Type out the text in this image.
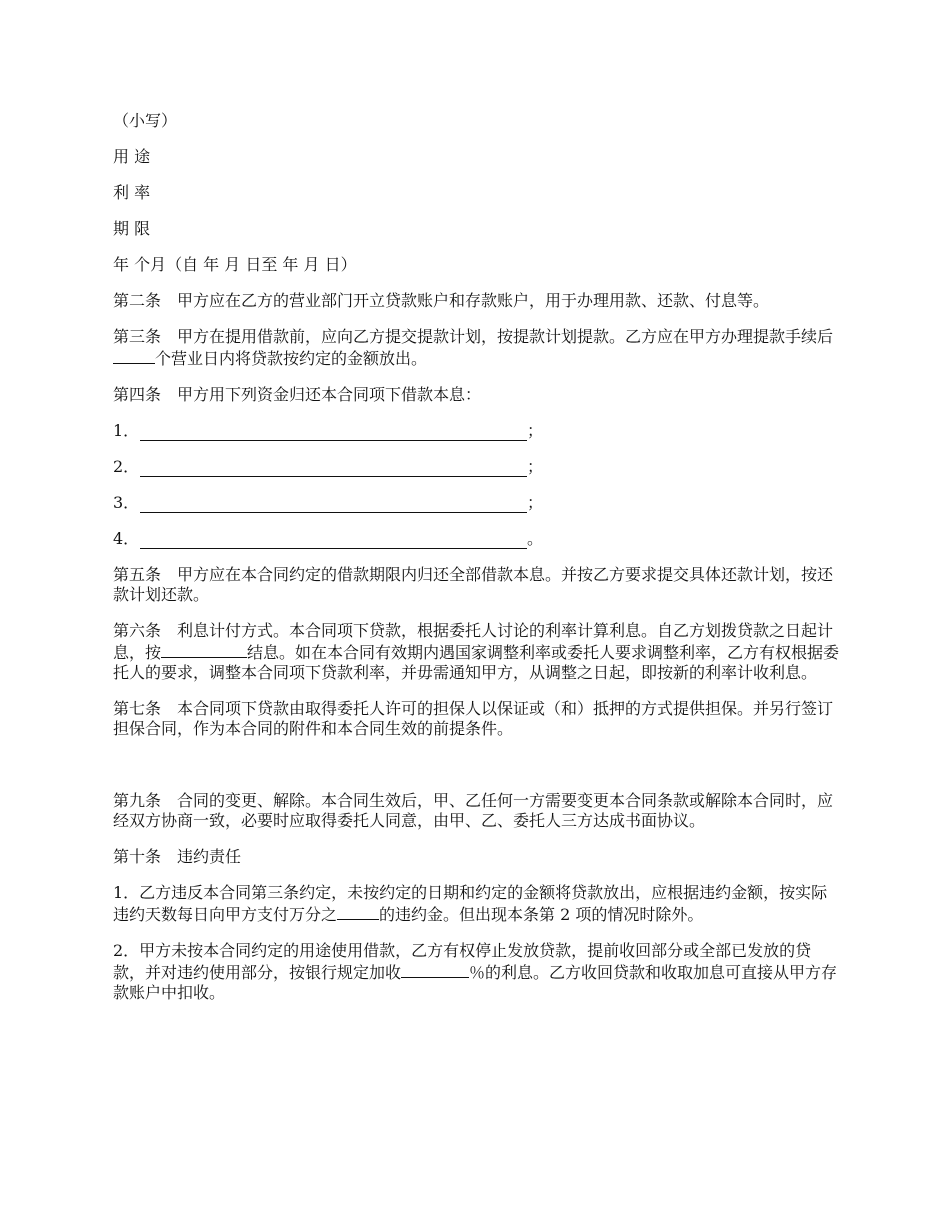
（小写）

用 途

利 率

期 限

年 个月（自 年 月 日至 年 月 日）

第二条　甲方应在乙方的营业部门开立贷款账户和存款账户，用于办理用款、还款、付息等。

第三条　甲方在提用借款前，应向乙方提交提款计划，按提款计划提款。乙方应在甲方办理提款手续后个营业日内将贷款按约定的金额放出。

第四条　甲方用下列资金归还本合同项下借款本息：

1．	；
2．	；
3．	；
4．	。

第五条　甲方应在本合同约定的借款期限内归还全部借款本息。并按乙方要求提交具体还款计划，按还款计划还款。

第六条　利息计付方式。本合同项下贷款，根据委托人讨论的利率计算利息。自乙方划拨贷款之日起计息，按	结息。如在本合同有效期内遇国家调整利率或委托人要求调整利率，乙方有权根据委托人的要求，调整本合同项下贷款利率，并毋需通知甲方，从调整之日起，即按新的利率计收利息。

第七条　本合同项下贷款由取得委托人许可的担保人以保证或（和）抵押的方式提供担保。并另行签订担保合同，作为本合同的附件和本合同生效的前提条件。

第九条　合同的变更、解除。本合同生效后，甲、乙任何一方需要变更本合同条款或解除本合同时，应经双方协商一致，必要时应取得委托人同意，由甲、乙、委托人三方达成书面协议。

第十条　违约责任

1．乙方违反本合同第三条约定，未按约定的日期和约定的金额将贷款放出，应根据违约金额，按实际违约天数每日向甲方支付万分之	的违约金。但出现本条第 2 项的情况时除外。

2．甲方未按本合同约定的用途使用借款，乙方有权停止发放贷款，提前收回部分或全部已发放的贷款，并对违约使用部分，按银行规定加收	％的利息。乙方收回贷款和收取加息可直接从甲方存款账户中扣收。
